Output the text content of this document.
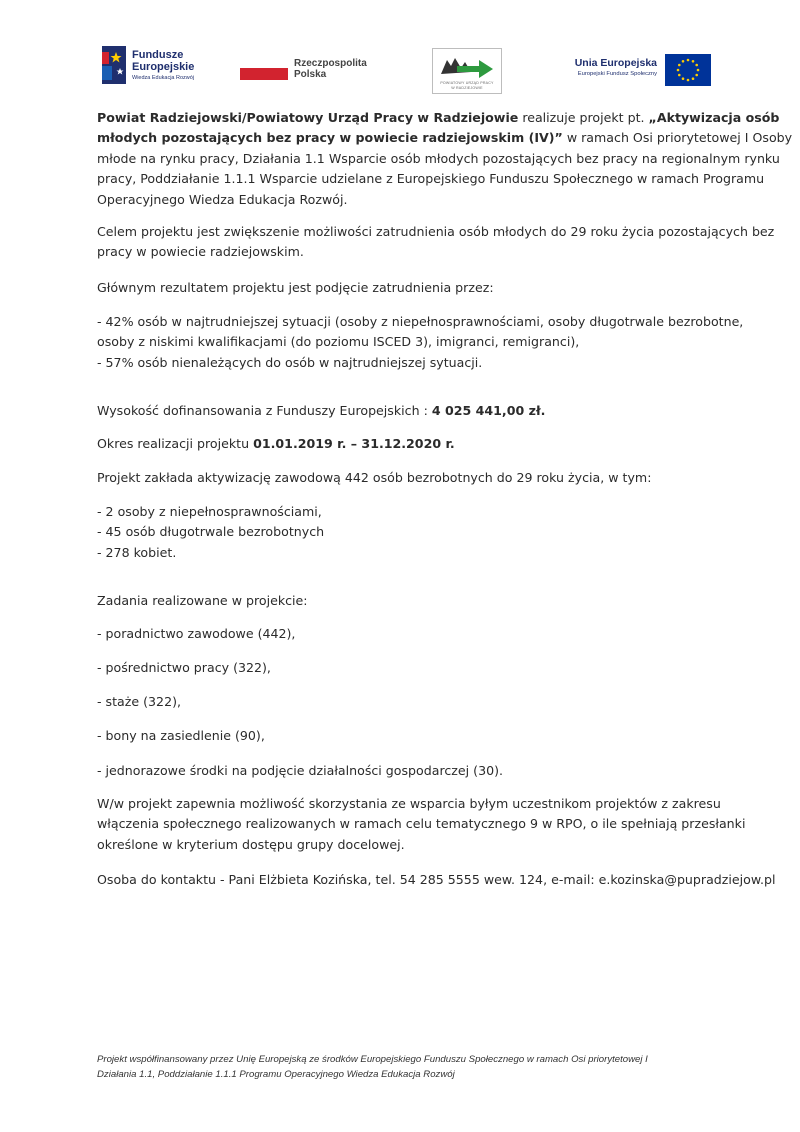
Fundusze
Europejskie
Wiedza Edukacja Rozwój
Rzeczpospolita
Polska
POWIATOWY URZĄD PRACY
W RADZIEJOWIE
Unia Europejska
Europejski Fundusz Społeczny
Powiat Radziejowski/Powiatowy Urząd Pracy w Radziejowie realizuje projekt pt. „Aktywizacja osób
młodych pozostających bez pracy w powiecie radziejowskim (IV)” w ramach Osi priorytetowej I Osoby
młode na rynku pracy, Działania 1.1 Wsparcie osób młodych pozostających bez pracy na regionalnym rynku
pracy, Poddziałanie 1.1.1 Wsparcie udzielane z Europejskiego Funduszu Społecznego w ramach Programu
Operacyjnego Wiedza Edukacja Rozwój.
Celem projektu jest zwiększenie możliwości zatrudnienia osób młodych do 29 roku życia pozostających bez
pracy w powiecie radziejowskim.
Głównym rezultatem projektu jest podjęcie zatrudnienia przez:
- 42% osób w najtrudniejszej sytuacji (osoby z niepełnosprawnościami, osoby długotrwale bezrobotne,
osoby z niskimi kwalifikacjami (do poziomu ISCED 3), imigranci, remigranci),
- 57% osób nienależących do osób w najtrudniejszej sytuacji.
Wysokość dofinansowania z Funduszy Europejskich : 4 025 441,00 zł.
Okres realizacji projektu 01.01.2019 r. – 31.12.2020 r.
Projekt zakłada aktywizację zawodową 442 osób bezrobotnych do 29 roku życia, w tym:
- 2 osoby z niepełnosprawnościami,
- 45 osób długotrwale bezrobotnych
- 278 kobiet.
Zadania realizowane w projekcie:
- poradnictwo zawodowe (442),
- pośrednictwo pracy (322),
- staże (322),
- bony na zasiedlenie (90),
- jednorazowe środki na podjęcie działalności gospodarczej (30).
W/w projekt zapewnia możliwość skorzystania ze wsparcia byłym uczestnikom projektów z zakresu
włączenia społecznego realizowanych w ramach celu tematycznego 9 w RPO, o ile spełniają przesłanki
określone w kryterium dostępu grupy docelowej.
Osoba do kontaktu - Pani Elżbieta Kozińska, tel. 54 285 5555 wew. 124, e-mail: e.kozinska@pupradziejow.pl
Projekt współfinansowany przez Unię Europejską ze środków Europejskiego Funduszu Społecznego w ramach Osi priorytetowej I
Działania 1.1, Poddziałanie 1.1.1 Programu Operacyjnego Wiedza Edukacja Rozwój
